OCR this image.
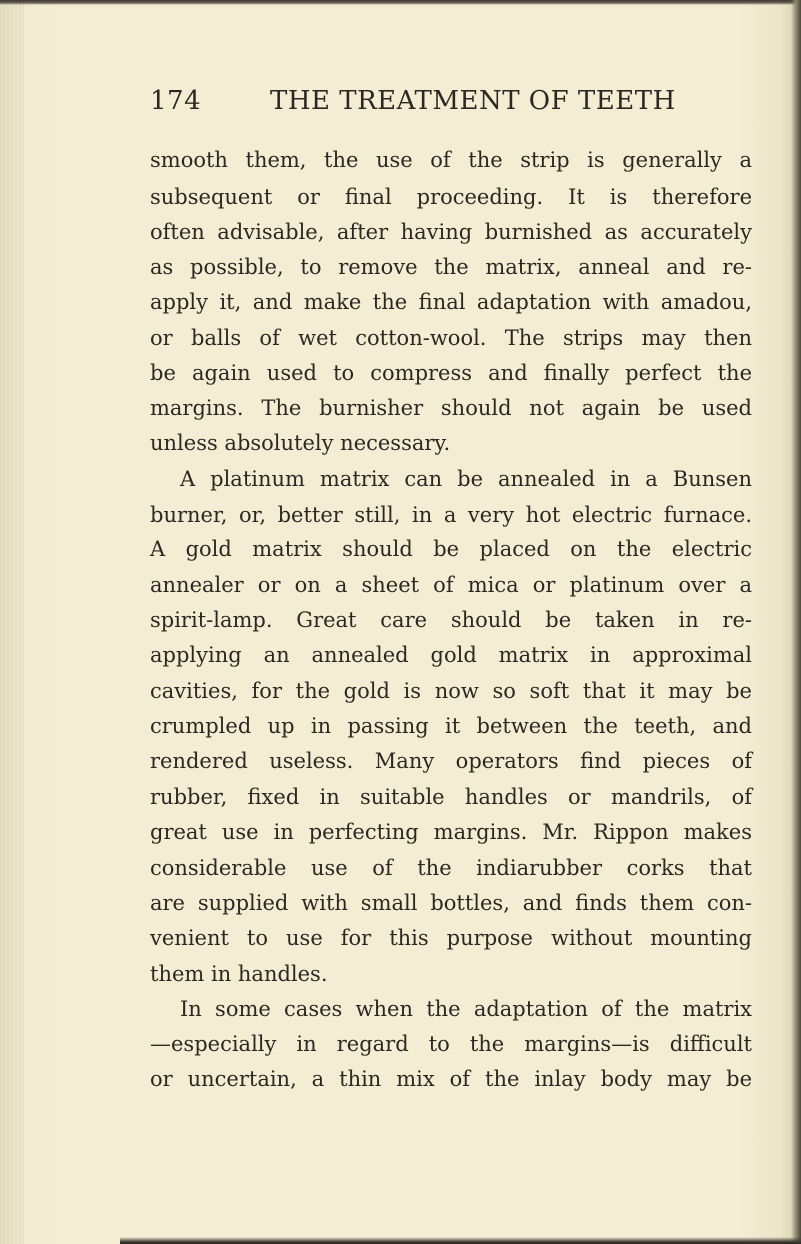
174	THE TREATMENT OF TEETH
smooth them, the use of the strip is generally a
subsequent or final proceeding. It is therefore
often advisable, after having burnished as accurately
as possible, to remove the matrix, anneal and re-
apply it, and make the final adaptation with amadou,
or balls of wet cotton-wool. The strips may then
be again used to compress and finally perfect the
margins. The burnisher should not again be used
unless absolutely necessary.
A platinum matrix can be annealed in a Bunsen
burner, or, better still, in a very hot electric furnace.
A gold matrix should be placed on the electric
annealer or on a sheet of mica or platinum over a
spirit-lamp. Great care should be taken in re-
applying an annealed gold matrix in approximal
cavities, for the gold is now so soft that it may be
crumpled up in passing it between the teeth, and
rendered useless. Many operators find pieces of
rubber, fixed in suitable handles or mandrils, of
great use in perfecting margins. Mr. Rippon makes
considerable use of the indiarubber corks that
are supplied with small bottles, and finds them con-
venient to use for this purpose without mounting
them in handles.
In some cases when the adaptation of the matrix
—especially in regard to the margins—is difficult
or uncertain, a thin mix of the inlay body may be
